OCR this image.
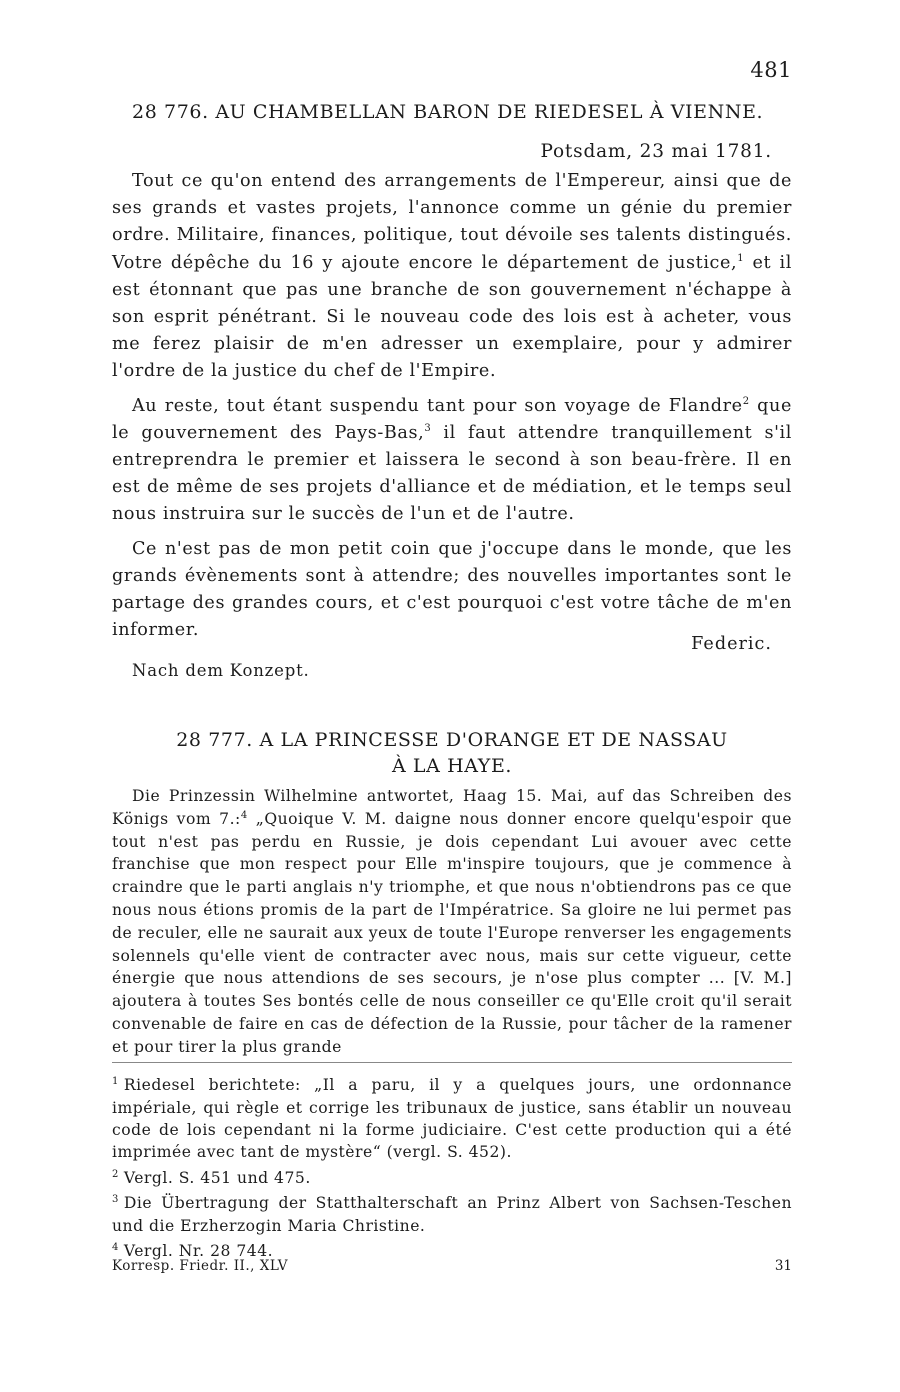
481
28 776. AU CHAMBELLAN BARON DE RIEDESEL À VIENNE.
Potsdam, 23 mai 1781.

Tout ce qu'on entend des arrangements de l'Empereur, ainsi que de ses grands et vastes projets, l'annonce comme un génie du premier ordre. Militaire, finances, politique, tout dévoile ses talents distingués. Votre dépêche du 16 y ajoute encore le département de justice,$^1$ et il est étonnant que pas une branche de son gouvernement n'échappe à son esprit pénétrant. Si le nouveau code des lois est à acheter, vous me ferez plaisir de m'en adresser un exemplaire, pour y admirer l'ordre de la justice du chef de l'Empire.

Au reste, tout étant suspendu tant pour son voyage de Flandre$^2$ que le gouvernement des Pays-Bas,$^3$ il faut attendre tranquillement s'il entreprendra le premier et laissera le second à son beau-frère. Il en est de même de ses projets d'alliance et de médiation, et le temps seul nous instruira sur le succès de l'un et de l'autre.

Ce n'est pas de mon petit coin que j'occupe dans le monde, que les grands évènements sont à attendre; des nouvelles importantes sont le partage des grandes cours, et c'est pourquoi c'est votre tâche de m'en informer.

Federic.
Nach dem Konzept.
28 777. A LA PRINCESSE D'ORANGE ET DE NASSAU
À LA HAYE.

Die Prinzessin Wilhelmine antwortet, Haag 15. Mai, auf das Schreiben des Königs vom 7.:$^4$ „Quoique V. M. daigne nous donner encore quelqu'espoir que tout n'est pas perdu en Russie, je dois cependant Lui avouer avec cette franchise que mon respect pour Elle m'inspire toujours, que je commence à craindre que le parti anglais n'y triomphe, et que nous n'obtiendrons pas ce que nous nous étions promis de la part de l'Impératrice. Sa gloire ne lui permet pas de reculer, elle ne saurait aux yeux de toute l'Europe renverser les engagements solennels qu'elle vient de contracter avec nous, mais sur cette vigueur, cette énergie que nous attendions de ses secours, je n'ose plus compter ... [V. M.] ajoutera à toutes Ses bontés celle de nous conseiller ce qu'Elle croit qu'il serait convenable de faire en cas de défection de la Russie, pour tâcher de la ramener et pour tirer la plus grande

$^1$ Riedesel berichtete: „Il a paru, il y a quelques jours, une ordonnance impériale, qui règle et corrige les tribunaux de justice, sans établir un nouveau code de lois cependant ni la forme judiciaire. C'est cette production qui a été imprimée avec tant de mystère“ (vergl. S. 452).

$^2$ Vergl. S. 451 und 475.

$^3$ Die Übertragung der Statthalterschaft an Prinz Albert von Sachsen-Teschen und die Erzherzogin Maria Christine.

$^4$ Vergl. Nr. 28 744.

Korresp. Friedr. II., XLV	31
